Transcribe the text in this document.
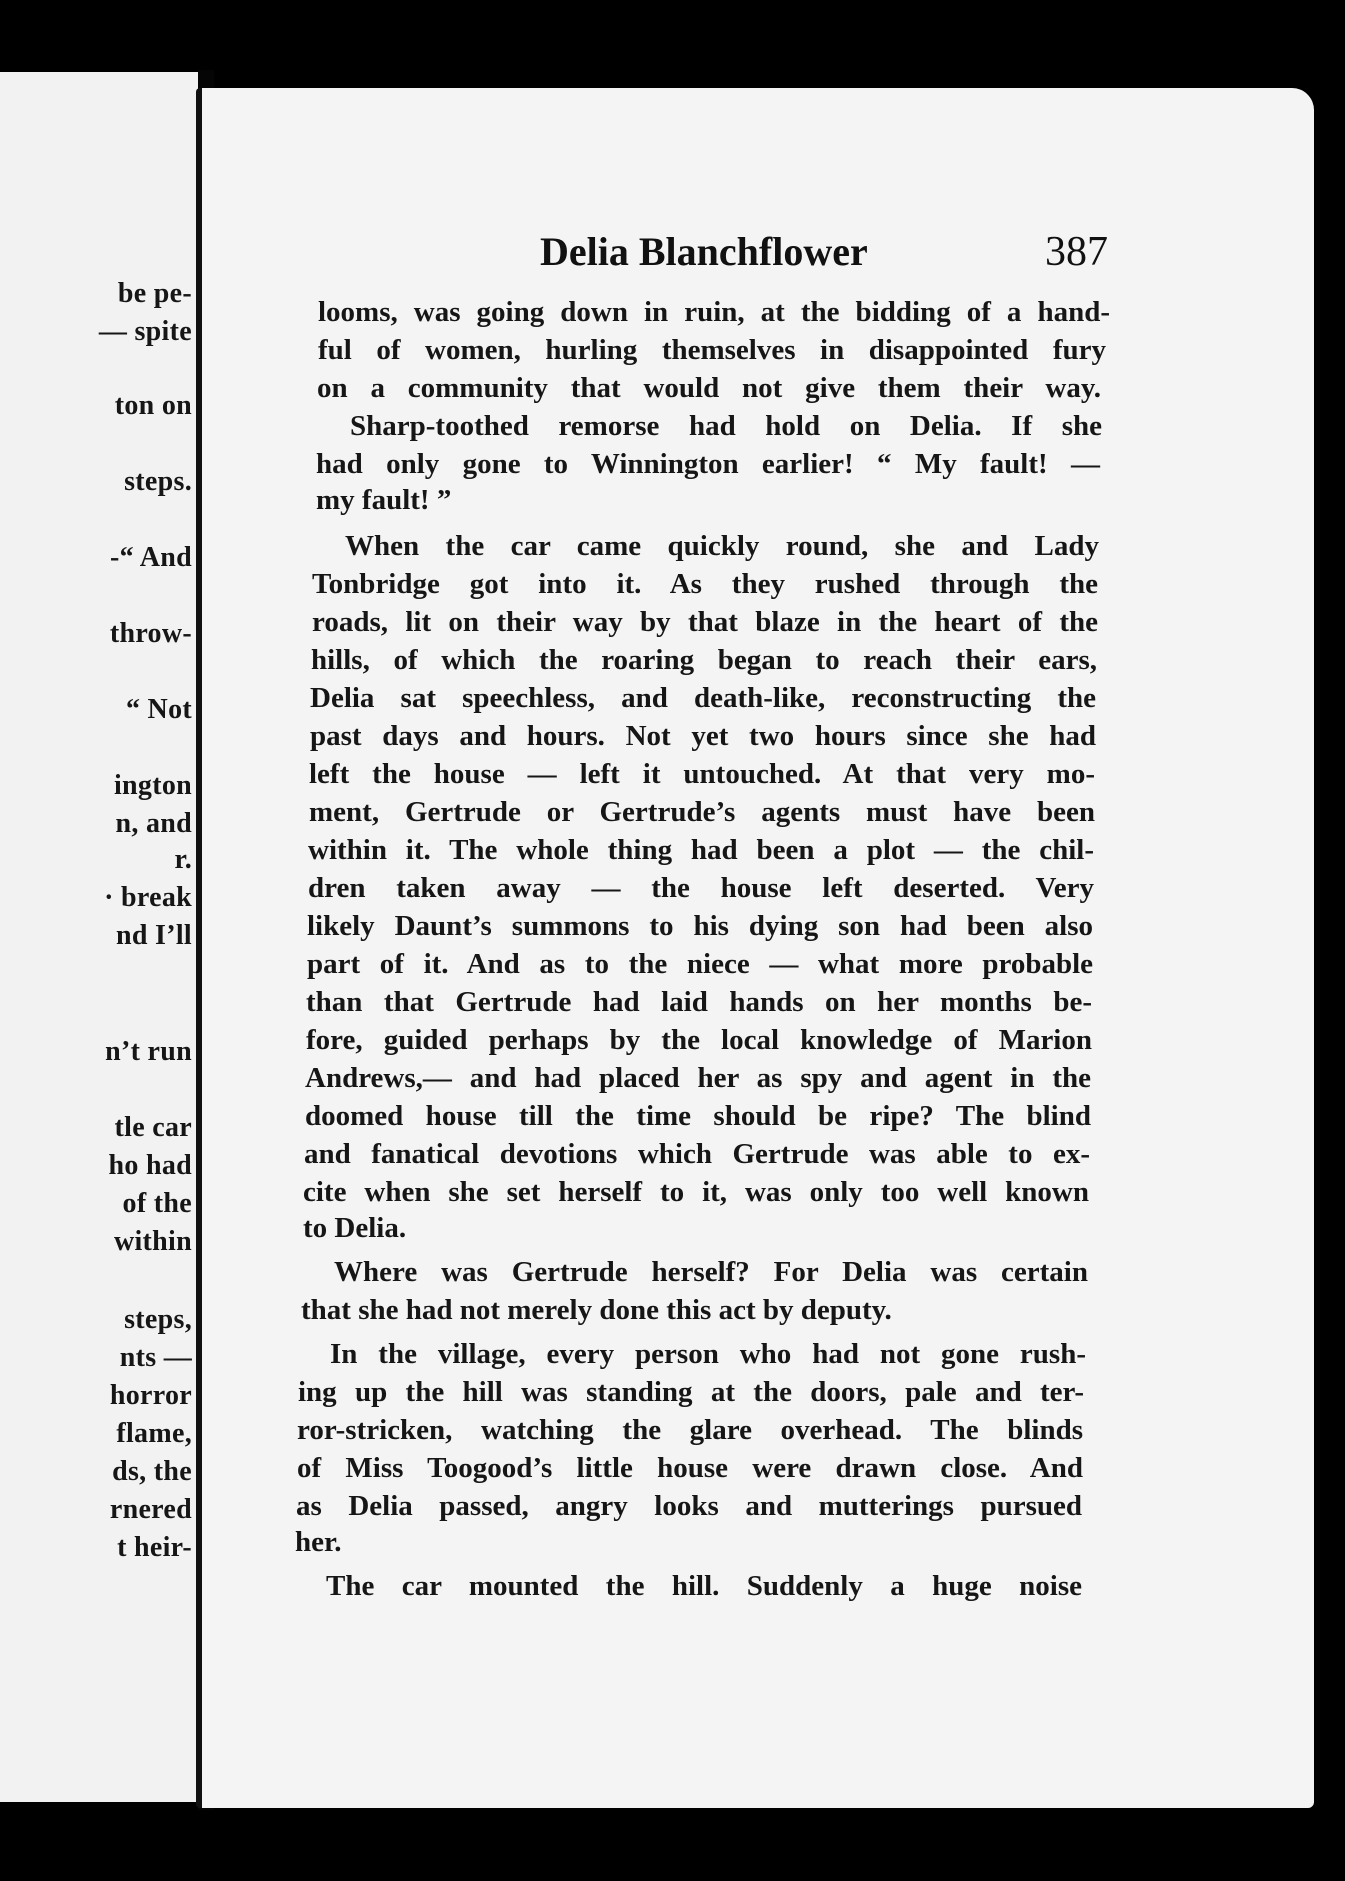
be pe-
— spite
ton on
steps.
-“ And
throw-
“ Not
ington
n, and
r.
· break
nd I’ll
n’t run
tle car
ho had
of the
within
steps,
nts —
horror
flame,
ds, the
rnered
t heir-
Delia Blanchflower	387
looms, was going down in ruin, at the bidding of a hand-
ful of women, hurling themselves in disappointed fury
on a community that would not give them their way.
Sharp-toothed remorse had hold on Delia. If she
had only gone to Winnington earlier! “ My fault! —
my fault! ”
When the car came quickly round, she and Lady
Tonbridge got into it. As they rushed through the
roads, lit on their way by that blaze in the heart of the
hills, of which the roaring began to reach their ears,
Delia sat speechless, and death-like, reconstructing the
past days and hours. Not yet two hours since she had
left the house — left it untouched. At that very mo-
ment, Gertrude or Gertrude’s agents must have been
within it. The whole thing had been a plot — the chil-
dren taken away — the house left deserted. Very
likely Daunt’s summons to his dying son had been also
part of it. And as to the niece — what more probable
than that Gertrude had laid hands on her months be-
fore, guided perhaps by the local knowledge of Marion
Andrews,— and had placed her as spy and agent in the
doomed house till the time should be ripe? The blind
and fanatical devotions which Gertrude was able to ex-
cite when she set herself to it, was only too well known
to Delia.
Where was Gertrude herself? For Delia was certain
that she had not merely done this act by deputy.
In the village, every person who had not gone rush-
ing up the hill was standing at the doors, pale and ter-
ror-stricken, watching the glare overhead. The blinds
of Miss Toogood’s little house were drawn close. And
as Delia passed, angry looks and mutterings pursued
her.
The car mounted the hill. Suddenly a huge noise
